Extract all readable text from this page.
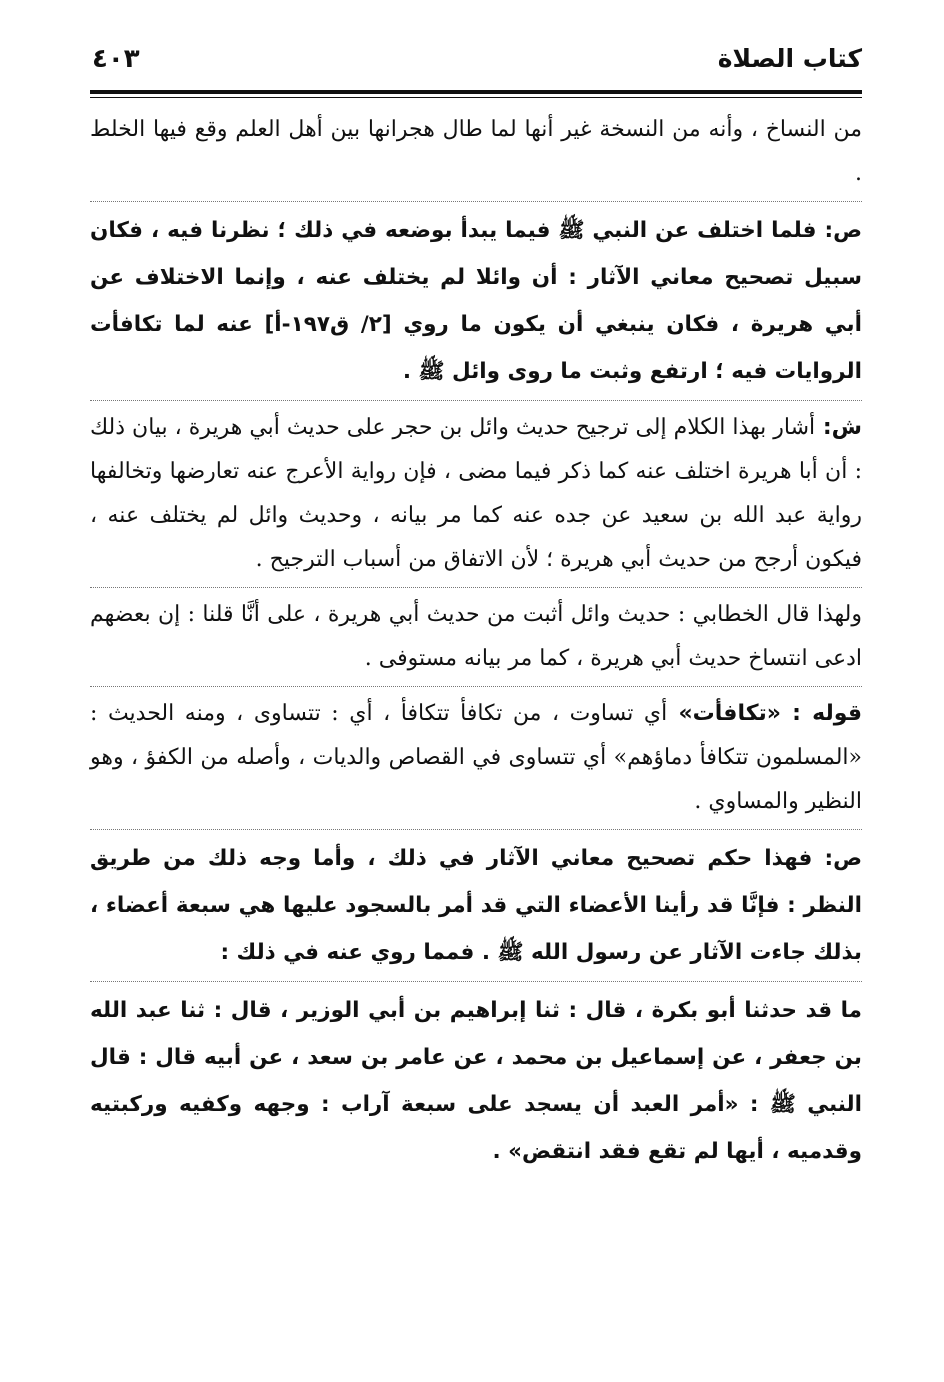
كتاب الصلاة
٤٠٣

من النساخ ، وأنه من النسخة غير أنها لما طال هجرانها بين أهل العلم وقع فيها الخلط .

ص: فلما اختلف عن النبي ﷺ فيما يبدأ بوضعه في ذلك ؛ نظرنا فيه ، فكان سبيل تصحيح معاني الآثار : أن وائلا لم يختلف عنه ، وإنما الاختلاف عن أبي هريرة ، فكان ينبغي أن يكون ما روي [٢/ ق١٩٧-أ] عنه لما تكافأت الروايات فيه ؛ ارتفع وثبت ما روى وائل ﷺ .

ش: أشار بهذا الكلام إلى ترجيح حديث وائل بن حجر على حديث أبي هريرة ، بيان ذلك : أن أبا هريرة اختلف عنه كما ذكر فيما مضى ، فإن رواية الأعرج عنه تعارضها وتخالفها رواية عبد الله بن سعيد عن جده عنه كما مر بيانه ، وحديث وائل لم يختلف عنه ، فيكون أرجح من حديث أبي هريرة ؛ لأن الاتفاق من أسباب الترجيح .

ولهذا قال الخطابي : حديث وائل أثبت من حديث أبي هريرة ، على أنَّا قلنا : إن بعضهم ادعى انتساخ حديث أبي هريرة ، كما مر بيانه مستوفى .

قوله : «تكافأت» أي تساوت ، من تكافأ تتكافأ ، أي : تتساوى ، ومنه الحديث : «المسلمون تتكافأ دماؤهم» أي تتساوى في القصاص والديات ، وأصله من الكفؤ ، وهو النظير والمساوي .

ص: فهذا حكم تصحيح معاني الآثار في ذلك ، وأما وجه ذلك من طريق النظر : فإنَّا قد رأينا الأعضاء التي قد أمر بالسجود عليها هي سبعة أعضاء ، بذلك جاءت الآثار عن رسول الله ﷺ . فمما روي عنه في ذلك :

ما قد حدثنا أبو بكرة ، قال : ثنا إبراهيم بن أبي الوزير ، قال : ثنا عبد الله بن جعفر ، عن إسماعيل بن محمد ، عن عامر بن سعد ، عن أبيه قال : قال النبي ﷺ : «أمر العبد أن يسجد على سبعة آراب : وجهه وكفيه وركبتيه وقدميه ، أيها لم تقع فقد انتقض» .
